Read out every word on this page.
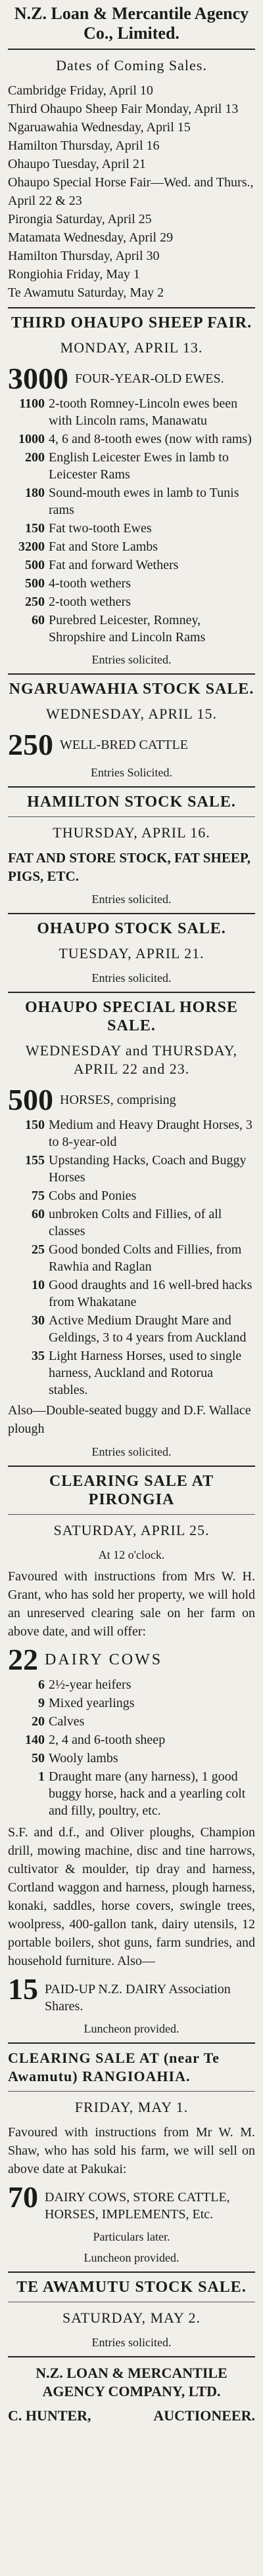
N.Z. Loan & Mercantile Agency
Co., Limited.
Dates of Coming Sales.
Cambridge Friday, April 10
Third Ohaupo Sheep Fair Monday, April 13
Ngaruawahia Wednesday, April 15
Hamilton Thursday, April 16
Ohaupo Tuesday, April 21
Ohaupo Special Horse Fair—Wed. and Thurs., April 22 & 23
Pirongia Saturday, April 25
Matamata Wednesday, April 29
Hamilton Thursday, April 30
Rongiohia Friday, May 1
Te Awamutu Saturday, May 2
THIRD OHAUPO SHEEP FAIR.
MONDAY, APRIL 13.
3000 FOUR-YEAR-OLD EWES.
1100 2-tooth Romney-Lincoln ewes been with Lincoln rams, Manawatu
1000 4, 6 and 8-tooth ewes (now with rams)
200 English Leicester Ewes in lamb to Leicester Rams
180 Sound-mouth ewes in lamb to Tunis rams
150 Fat two-tooth Ewes
3200 Fat and Store Lambs
500 Fat and forward Wethers
500 4-tooth wethers
250 2-tooth wethers
60 Purebred Leicester, Romney, Shropshire and Lincoln Rams
Entries solicited.
NGARUAWAHIA STOCK SALE.
WEDNESDAY, APRIL 15.
250 WELL-BRED CATTLE
Entries Solicited.
HAMILTON STOCK SALE.
THURSDAY, APRIL 16.
FAT AND STORE STOCK, FAT SHEEP, PIGS, ETC.
Entries solicited.
OHAUPO STOCK SALE.
TUESDAY, APRIL 21.
Entries solicited.
OHAUPO SPECIAL HORSE SALE.
WEDNESDAY and THURSDAY, APRIL 22 and 23.
500 HORSES, comprising
150 Medium and Heavy Draught Horses, 3 to 8-year-old
155 Upstanding Hacks, Coach and Buggy Horses
75 Cobs and Ponies
60 unbroken Colts and Fillies, of all classes
25 Good bonded Colts and Fillies, from Rawhia and Raglan
10 Good draughts and 16 well-bred hacks from Whakatane
30 Active Medium Draught Mare and Geldings, 3 to 4 years from Auckland
35 Light Harness Horses, used to single harness, Auckland and Rotorua stables.
Also—Double-seated buggy and D.F. Wallace plough
Entries solicited.
CLEARING SALE AT PIRONGIA
SATURDAY, APRIL 25.
At 12 o'clock.
Favoured with instructions from Mrs W. H. Grant, who has sold her property, we will hold an unreserved clearing sale on her farm on above date, and will offer:
22 DAIRY COWS
6 2½-year heifers
9 Mixed yearlings
20 Calves
140 2, 4 and 6-tooth sheep
50 Wooly lambs
1 Draught mare (any harness), 1 good buggy horse, hack and a yearling colt and filly, poultry, etc.
S.F. and d.f., and Oliver ploughs, Champion drill, mowing machine, disc and tine harrows, cultivator & moulder, tip dray and harness, Cortland waggon and harness, plough harness, konaki, saddles, horse covers, swingle trees, woolpress, 400-gallon tank, dairy utensils, 12 portable boilers, shot guns, farm sundries, and household furniture. Also—
15 PAID-UP N.Z. DAIRY Association Shares.
Luncheon provided.
CLEARING SALE AT (near Te Awamutu) RANGIOAHIA.
FRIDAY, MAY 1.
Favoured with instructions from Mr W. M. Shaw, who has sold his farm, we will sell on above date at Pakukai:
70 DAIRY COWS, STORE CATTLE, HORSES, IMPLEMENTS, Etc.
Particulars later.
Luncheon provided.
TE AWAMUTU STOCK SALE.
SATURDAY, MAY 2.
Entries solicited.
N.Z. LOAN & MERCANTILE
AGENCY COMPANY, LTD.
C. HUNTER,	AUCTIONEER.
